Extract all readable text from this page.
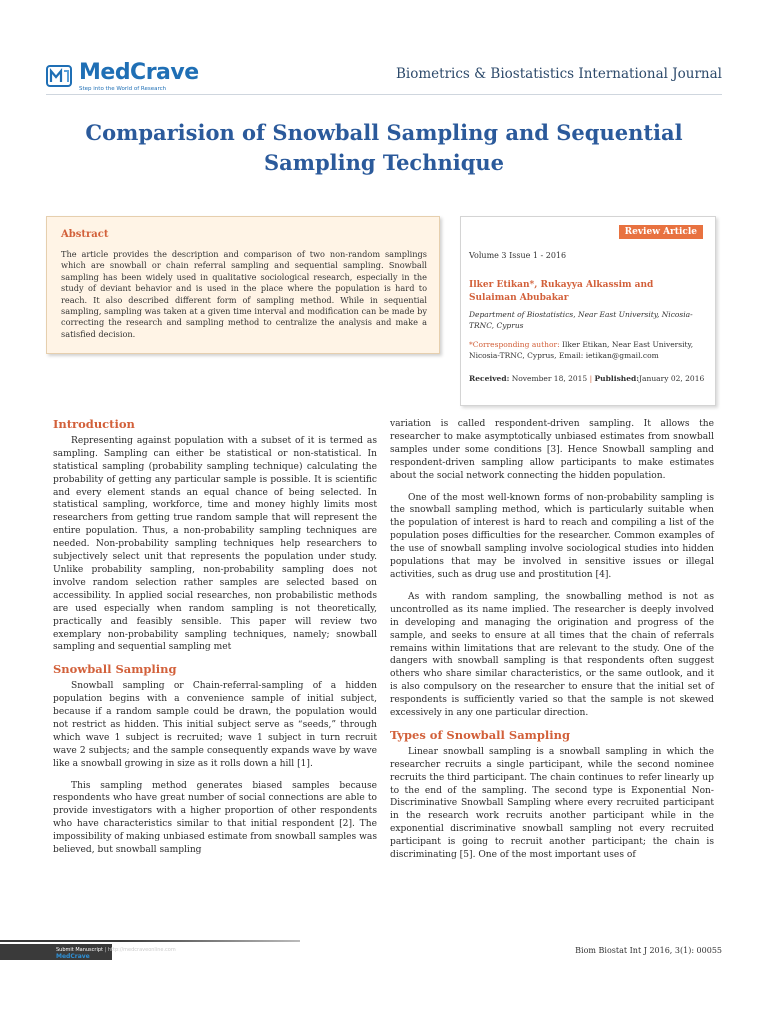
MedCrave
Step into the World of Research
Biometrics & Biostatistics International Journal
Comparision of Snowball Sampling and Sequential Sampling Technique
Abstract
The article provides the description and comparison of two non-random samplings which are snowball or chain referral sampling and sequential sampling. Snowball sampling has been widely used in qualitative sociological research, especially in the study of deviant behavior and is used in the place where the population is hard to reach. It also described different form of sampling method. While in sequential sampling, sampling was taken at a given time interval and modification can be made by correcting the research and sampling method to centralize the analysis and make a satisfied decision.
Review Article
Volume 3 Issue 1 - 2016
Ilker Etikan*, Rukayya Alkassim and Sulaiman Abubakar
Department of Biostatistics, Near East University, Nicosia-TRNC, Cyprus
*Corresponding author: Ilker Etikan, Near East University, Nicosia-TRNC, Cyprus, Email: ietikan@gmail.com
Received: November 18, 2015 | Published:January 02, 2016
Introduction

Representing against population with a subset of it is termed as sampling. Sampling can either be statistical or non-statistical. In statistical sampling (probability sampling technique) calculating the probability of getting any particular sample is possible. It is scientific and every element stands an equal chance of being selected. In statistical sampling, workforce, time and money highly limits most researchers from getting true random sample that will represent the entire population. Thus, a non-probability sampling techniques are needed. Non-probability sampling techniques help researchers to subjectively select unit that represents the population under study. Unlike probability sampling, non-probability sampling does not involve random selection rather samples are selected based on accessibility. In applied social researches, non probabilistic methods are used especially when random sampling is not theoretically, practically and feasibly sensible. This paper will review two exemplary non-probability sampling techniques, namely; snowball sampling and sequential sampling met

Snowball Sampling

Snowball sampling or Chain-referral-sampling of a hidden population begins with a convenience sample of initial subject, because if a random sample could be drawn, the population would not restrict as hidden. This initial subject serve as “seeds,” through which wave 1 subject is recruited; wave 1 subject in turn recruit wave 2 subjects; and the sample consequently expands wave by wave like a snowball growing in size as it rolls down a hill [1].

This sampling method generates biased samples because respondents who have great number of social connections are able to provide investigators with a higher proportion of other respondents who have characteristics similar to that initial respondent [2]. The impossibility of making unbiased estimate from snowball samples was believed, but snowball sampling

variation is called respondent-driven sampling. It allows the researcher to make asymptotically unbiased estimates from snowball samples under some conditions [3]. Hence Snowball sampling and respondent-driven sampling allow participants to make estimates about the social network connecting the hidden population.

One of the most well-known forms of non-probability sampling is the snowball sampling method, which is particularly suitable when the population of interest is hard to reach and compiling a list of the population poses difficulties for the researcher. Common examples of the use of snowball sampling involve sociological studies into hidden populations that may be involved in sensitive issues or illegal activities, such as drug use and prostitution [4].

As with random sampling, the snowballing method is not as uncontrolled as its name implied. The researcher is deeply involved in developing and managing the origination and progress of the sample, and seeks to ensure at all times that the chain of referrals remains within limitations that are relevant to the study. One of the dangers with snowball sampling is that respondents often suggest others who share similar characteristics, or the same outlook, and it is also compulsory on the researcher to ensure that the initial set of respondents is sufficiently varied so that the sample is not skewed excessively in any one particular direction.

Types of Snowball Sampling

Linear snowball sampling is a snowball sampling in which the researcher recruits a single participant, while the second nominee recruits the third participant. The chain continues to refer linearly up to the end of the sampling. The second type is Exponential Non-Discriminative Snowball Sampling where every recruited participant in the research work recruits another participant while in the exponential discriminative snowball sampling not every recruited participant is going to recruit another participant; the chain is discriminating [5]. One of the most important uses of

Submit Manuscript | http://medcraveonline.com
MedCrave
Biom Biostat Int J 2016, 3(1): 00055
